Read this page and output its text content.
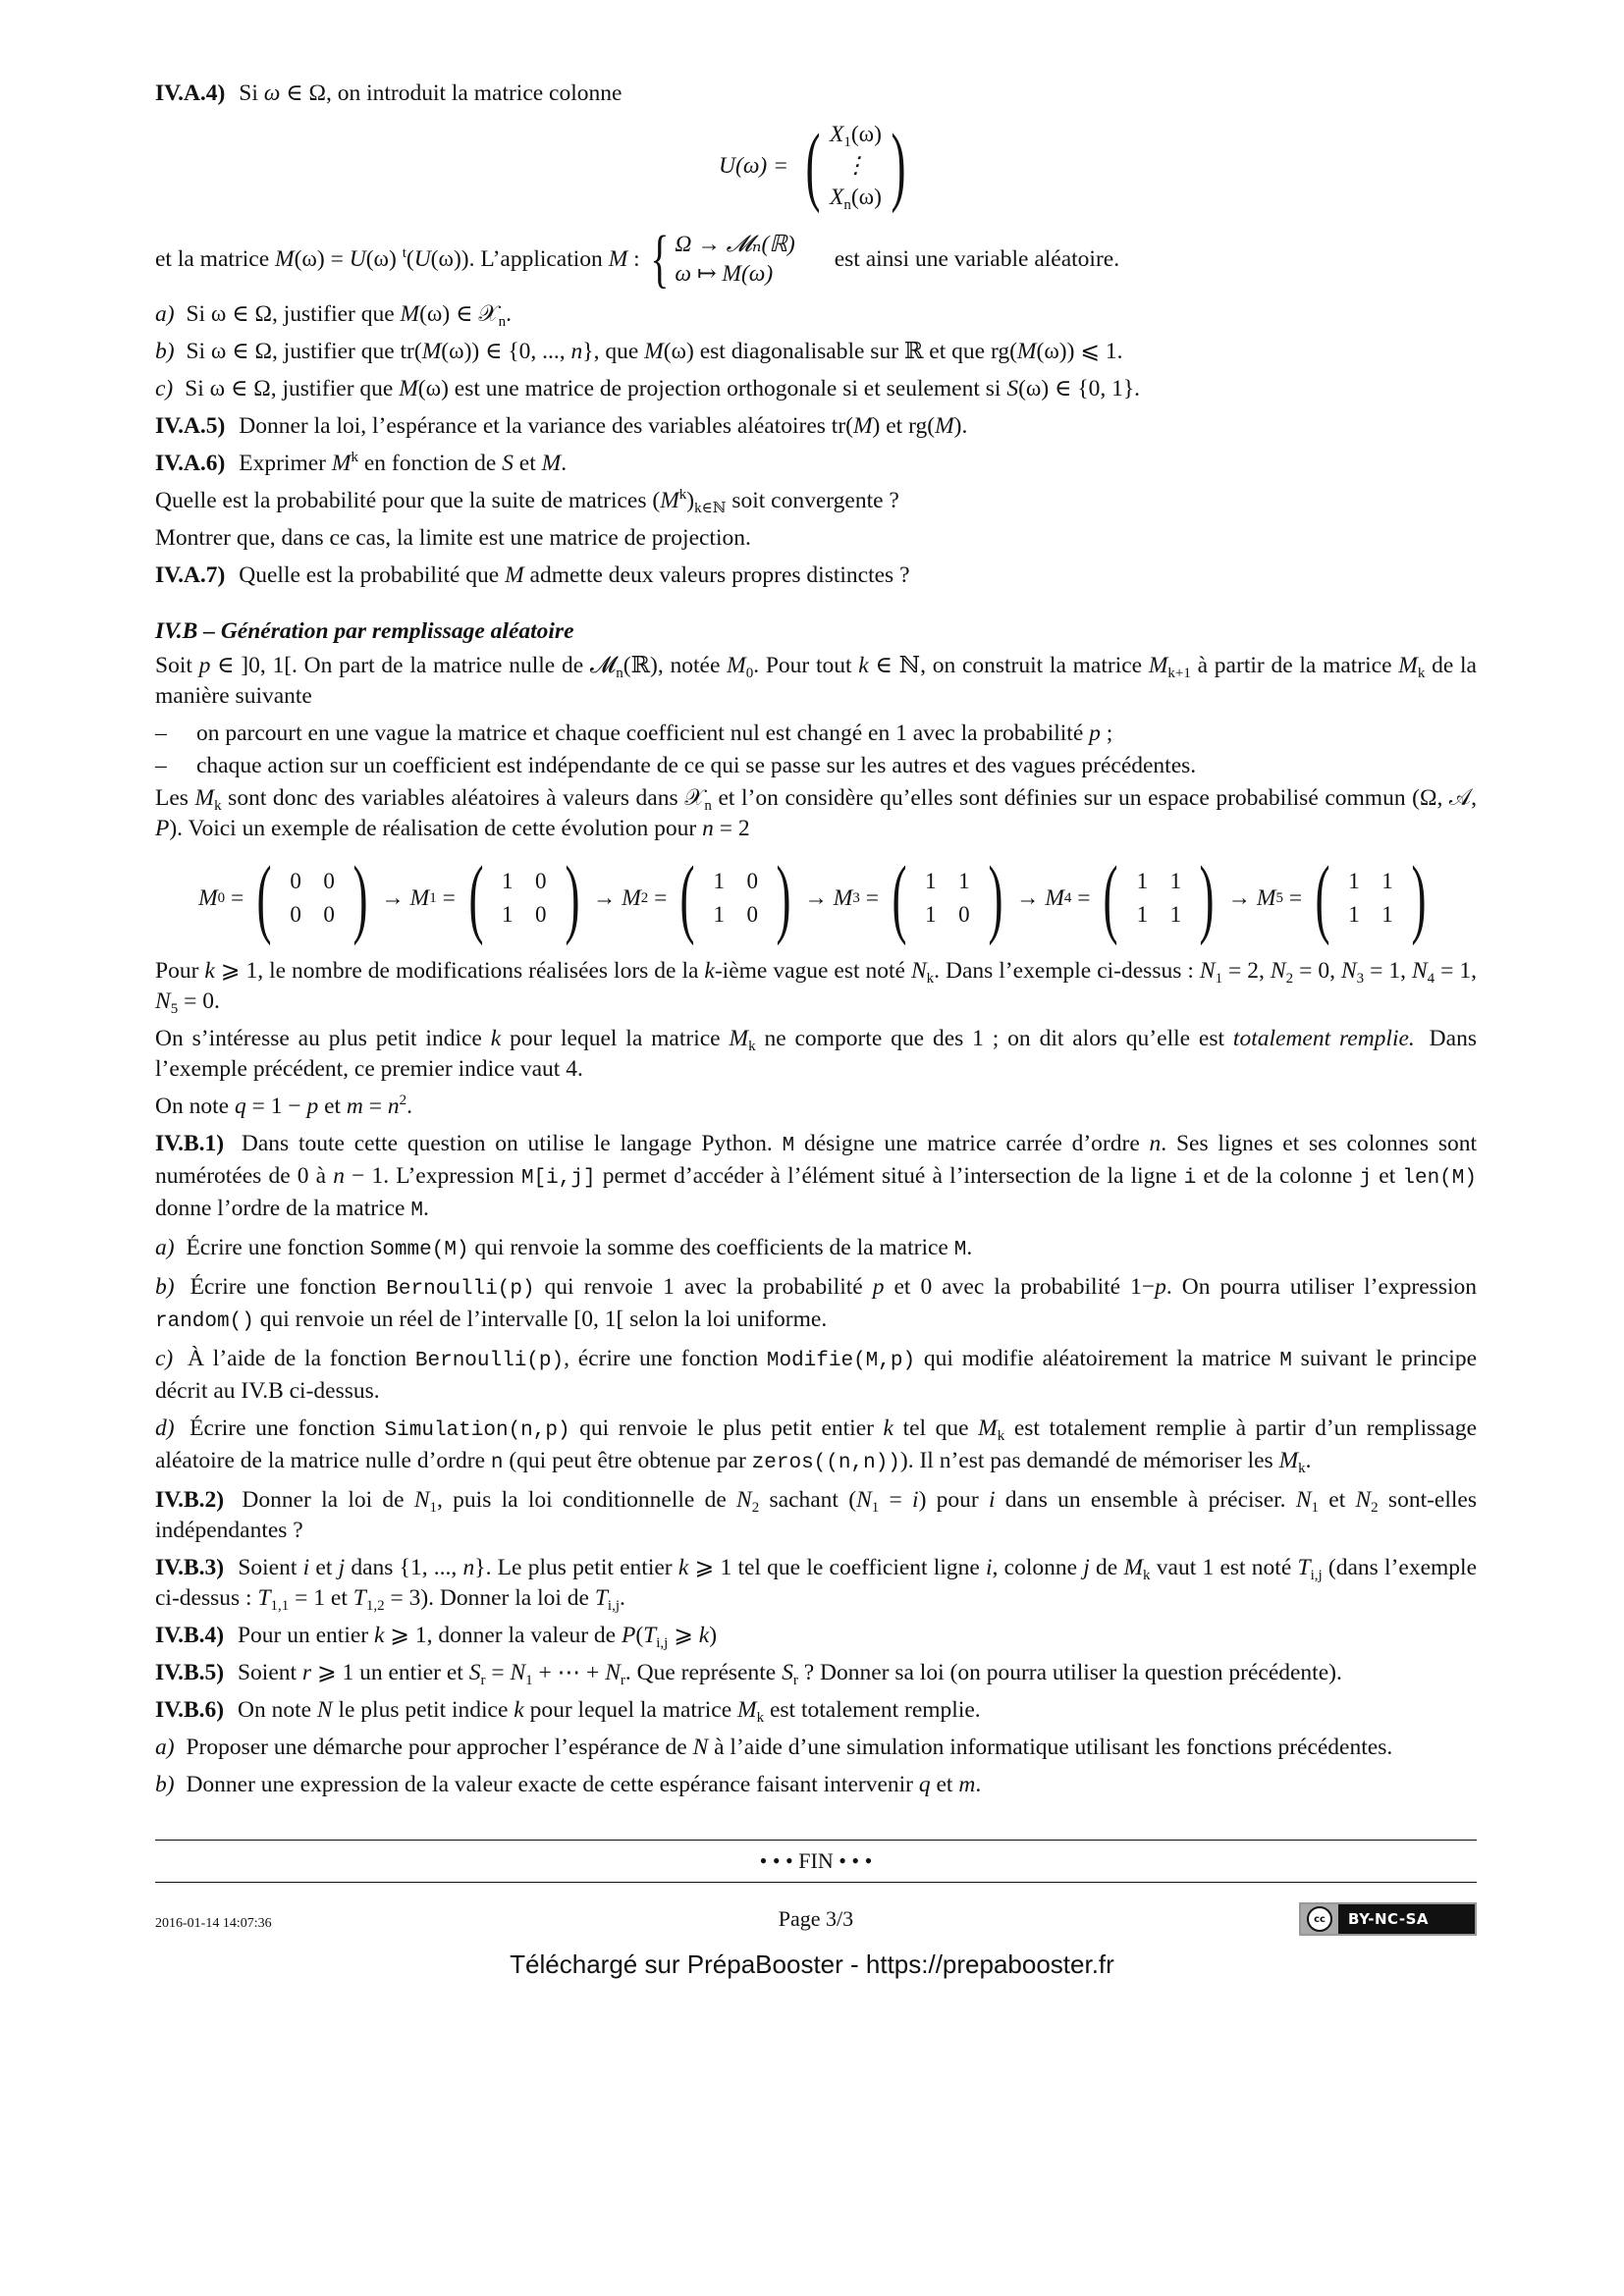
IV.A.4) Si ω ∈ Ω, on introduit la matrice colonne

U(ω) = ( $X_1(\omega)$
⋮
$X_n(\omega)$ )
et la matrice M(ω) = U(ω) $^t$(U(ω)). L’application M : { Ω → 𝓜ₙ(ℝ)
ω ↦ M(ω)
est ainsi une variable aléatoire.

a) Si ω ∈ Ω, justifier que M(ω) ∈ 𝒳$_n$.

b) Si ω ∈ Ω, justifier que tr(M(ω)) ∈ {0, ..., n}, que M(ω) est diagonalisable sur ℝ et que rg(M(ω)) ⩽ 1.

c) Si ω ∈ Ω, justifier que M(ω) est une matrice de projection orthogonale si et seulement si S(ω) ∈ {0, 1}.

IV.A.5) Donner la loi, l’espérance et la variance des variables aléatoires tr(M) et rg(M).

IV.A.6) Exprimer $M^k$ en fonction de S et M.

Quelle est la probabilité pour que la suite de matrices $(M^k)_{k\in ℕ}$ soit convergente ?

Montrer que, dans ce cas, la limite est une matrice de projection.

IV.A.7) Quelle est la probabilité que M admette deux valeurs propres distinctes ?

IV.B – Génération par remplissage aléatoire

Soit p ∈ ]0, 1[. On part de la matrice nulle de 𝓜$_n$(ℝ), notée $M_0$. Pour tout k ∈ ℕ, on construit la matrice $M_{k+1}$ à partir de la matrice $M_k$ de la manière suivante

– on parcourt en une vague la matrice et chaque coefficient nul est changé en 1 avec la probabilité p ;

– chaque action sur un coefficient est indépendante de ce qui se passe sur les autres et des vagues précédentes.

Les $M_k$ sont donc des variables aléatoires à valeurs dans 𝒳$_n$ et l’on considère qu’elles sont définies sur un espace probabilisé commun (Ω, 𝒜, P). Voici un exemple de réalisation de cette évolution pour n = 2

M 0 = ( 0 0
0 0 ) → M 1 = ( 1 0
1 0 ) → M 2 = ( 1 0
1 0 ) → M 3 = ( 1 1
1 0 ) → M 4 = ( 1 1
1 1 ) → M 5 = ( 1 1
1 1 )

Pour k ⩾ 1, le nombre de modifications réalisées lors de la k-ième vague est noté $N_k$. Dans l’exemple ci-dessus : $N_1 = 2$, $N_2 = 0$, $N_3 = 1$, $N_4 = 1$, $N_5 = 0$.

On s’intéresse au plus petit indice k pour lequel la matrice $M_k$ ne comporte que des 1 ; on dit alors qu’elle est totalement remplie. Dans l’exemple précédent, ce premier indice vaut 4.

On note q = 1 − p et $m = n^2$.

IV.B.1) Dans toute cette question on utilise le langage Python. M désigne une matrice carrée d’ordre n. Ses lignes et ses colonnes sont numérotées de 0 à n − 1. L’expression M[i,j] permet d’accéder à l’élément situé à l’intersection de la ligne i et de la colonne j et len(M) donne l’ordre de la matrice M.

a) Écrire une fonction Somme(M) qui renvoie la somme des coefficients de la matrice M.

b) Écrire une fonction Bernoulli(p) qui renvoie 1 avec la probabilité p et 0 avec la probabilité 1−p. On pourra utiliser l’expression random() qui renvoie un réel de l’intervalle [0, 1[ selon la loi uniforme.

c) À l’aide de la fonction Bernoulli(p), écrire une fonction Modifie(M,p) qui modifie aléatoirement la matrice M suivant le principe décrit au IV.B ci-dessus.

d) Écrire une fonction Simulation(n,p) qui renvoie le plus petit entier k tel que $M_k$ est totalement remplie à partir d’un remplissage aléatoire de la matrice nulle d’ordre n (qui peut être obtenue par zeros((n,n))). Il n’est pas demandé de mémoriser les $M_k$.

IV.B.2) Donner la loi de $N_1$, puis la loi conditionnelle de $N_2$ sachant $(N_1 = i)$ pour i dans un ensemble à préciser. $N_1$ et $N_2$ sont-elles indépendantes ?

IV.B.3) Soient i et j dans {1, ..., n}. Le plus petit entier k ⩾ 1 tel que le coefficient ligne i, colonne j de $M_k$ vaut 1 est noté $T_{i,j}$ (dans l’exemple ci-dessus : $T_{1,1} = 1$ et $T_{1,2} = 3$). Donner la loi de $T_{i,j}$.

IV.B.4) Pour un entier k ⩾ 1, donner la valeur de $P(T_{i,j}$ ⩾ k)

IV.B.5) Soient r ⩾ 1 un entier et $S_r = N_1$ + ⋯ + $N_r$. Que représente $S_r$ ? Donner sa loi (on pourra utiliser la question précédente).

IV.B.6) On note N le plus petit indice k pour lequel la matrice $M_k$ est totalement remplie.

a) Proposer une démarche pour approcher l’espérance de N à l’aide d’une simulation informatique utilisant les fonctions précédentes.

b) Donner une expression de la valeur exacte de cette espérance faisant intervenir q et m.

• • • FIN • • •
2016-01-14 14:07:36	Page 3/3	cc	BY-NC-SA
Téléchargé sur PrépaBooster - https://prepabooster.fr
